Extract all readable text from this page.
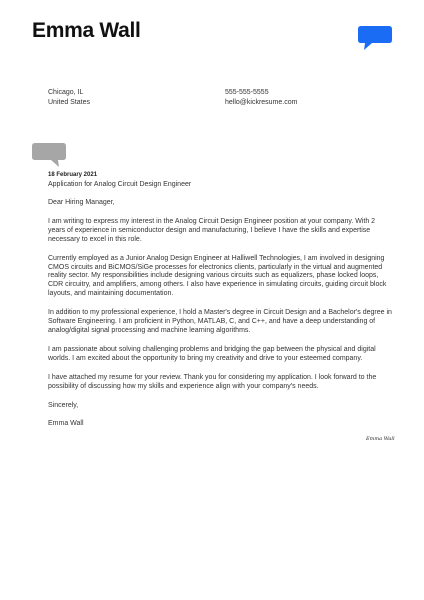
Emma Wall
Chicago, IL
United States
555-555-5555
hello@kickresume.com
18 February 2021
Application for Analog Circuit Design Engineer

Dear Hiring Manager,

I am writing to express my interest in the Analog Circuit Design Engineer position at your company. With 2 years of experience in semiconductor design and manufacturing, I believe I have the skills and expertise necessary to excel in this role.

Currently employed as a Junior Analog Design Engineer at Halliwell Technologies, I am involved in designing CMOS circuits and BiCMOS/SiGe processes for electronics clients, particularly in the virtual and augmented reality sector. My responsibilities include designing various circuits such as equalizers, phase locked loops, CDR circuitry, and amplifiers, among others. I also have experience in simulating circuits, guiding circuit block layouts, and maintaining documentation.

In addition to my professional experience, I hold a Master's degree in Circuit Design and a Bachelor's degree in Software Engineering. I am proficient in Python, MATLAB, C, and C++, and have a deep understanding of analog/digital signal processing and machine learning algorithms.

I am passionate about solving challenging problems and bridging the gap between the physical and digital worlds. I am excited about the opportunity to bring my creativity and drive to your esteemed company.

I have attached my resume for your review. Thank you for considering my application. I look forward to the possibility of discussing how my skills and experience align with your company's needs.

Sincerely,

Emma Wall

Emma Wall
